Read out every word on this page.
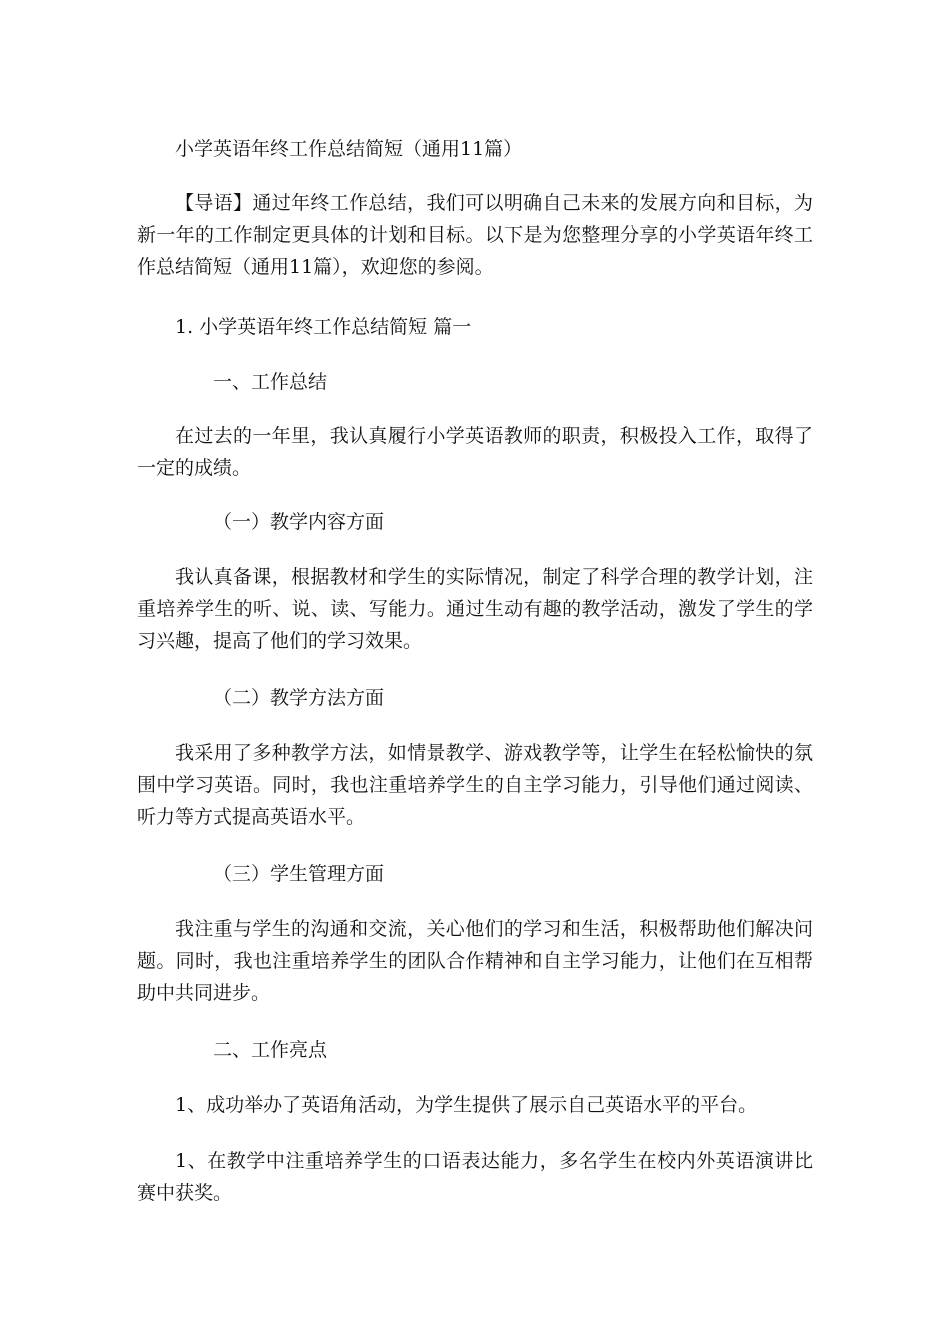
小学英语年终工作总结简短（通用11篇）

【导语】通过年终工作总结，我们可以明确自己未来的发展方向和目标，为新一年的工作制定更具体的计划和目标。以下是为您整理分享的小学英语年终工作总结简短（通用11篇），欢迎您的参阅。

1. 小学英语年终工作总结简短 篇一

一、工作总结

在过去的一年里，我认真履行小学英语教师的职责，积极投入工作，取得了一定的成绩。

（一）教学内容方面

我认真备课，根据教材和学生的实际情况，制定了科学合理的教学计划，注重培养学生的听、说、读、写能力。通过生动有趣的教学活动，激发了学生的学习兴趣，提高了他们的学习效果。

（二）教学方法方面

我采用了多种教学方法，如情景教学、游戏教学等，让学生在轻松愉快的氛围中学习英语。同时，我也注重培养学生的自主学习能力，引导他们通过阅读、听力等方式提高英语水平。

（三）学生管理方面

我注重与学生的沟通和交流，关心他们的学习和生活，积极帮助他们解决问题。同时，我也注重培养学生的团队合作精神和自主学习能力，让他们在互相帮助中共同进步。

二、工作亮点

1、成功举办了英语角活动，为学生提供了展示自己英语水平的平台。

1、在教学中注重培养学生的口语表达能力，多名学生在校内外英语演讲比赛中获奖。
